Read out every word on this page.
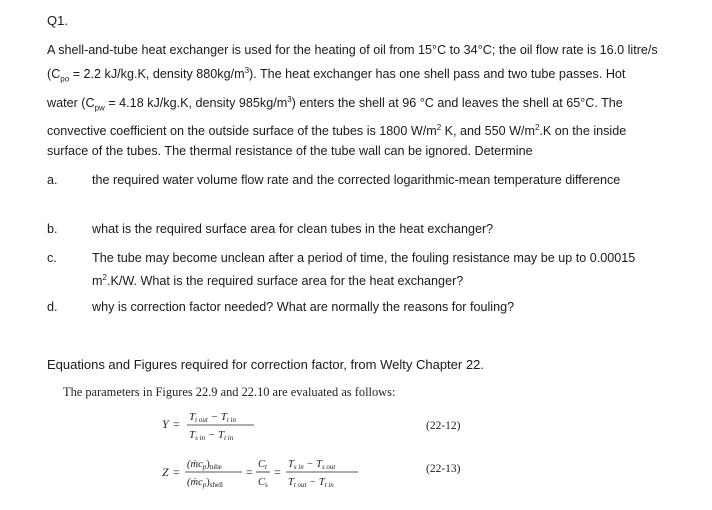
Q1.
A shell-and-tube heat exchanger is used for the heating of oil from 15°C to 34°C; the oil flow rate is 16.0 litre/s ($C_{po} = 2.2$ kJ/kg.K, density $880kg/m^3$). The heat exchanger has one shell pass and two tube passes. Hot water ($C_{pw} = 4.18$ kJ/kg.K, density $985kg/m^3$) enters the shell at 96 °C and leaves the shell at 65°C. The convective coefficient on the outside surface of the tubes is 1800 $W/m^2$ K, and 550 $W/m^2.K$ on the inside surface of the tubes. The thermal resistance of the tube wall can be ignored. Determine
a.	the required water volume flow rate and the corrected logarithmic-mean temperature difference
b.	what is the required surface area for clean tubes in the heat exchanger?
c.	The tube may become unclean after a period of time, the fouling resistance may be up to 0.00015 $m^2.K/W$. What is the required surface area for the heat exchanger?
d.	why is correction factor needed? What are normally the reasons for fouling?
Equations and Figures required for correction factor, from Welty Chapter 22.
The parameters in Figures 22.9 and 22.10 are evaluated as follows:
Y = Tt out − Tt in
Ts in − Tt in
Z =
(ṁcp)tube
(ṁcp)shell
=
Ct
Cs
=
Ts in − Ts out
Tt out − Tt in
(22-12)
(22-13)
